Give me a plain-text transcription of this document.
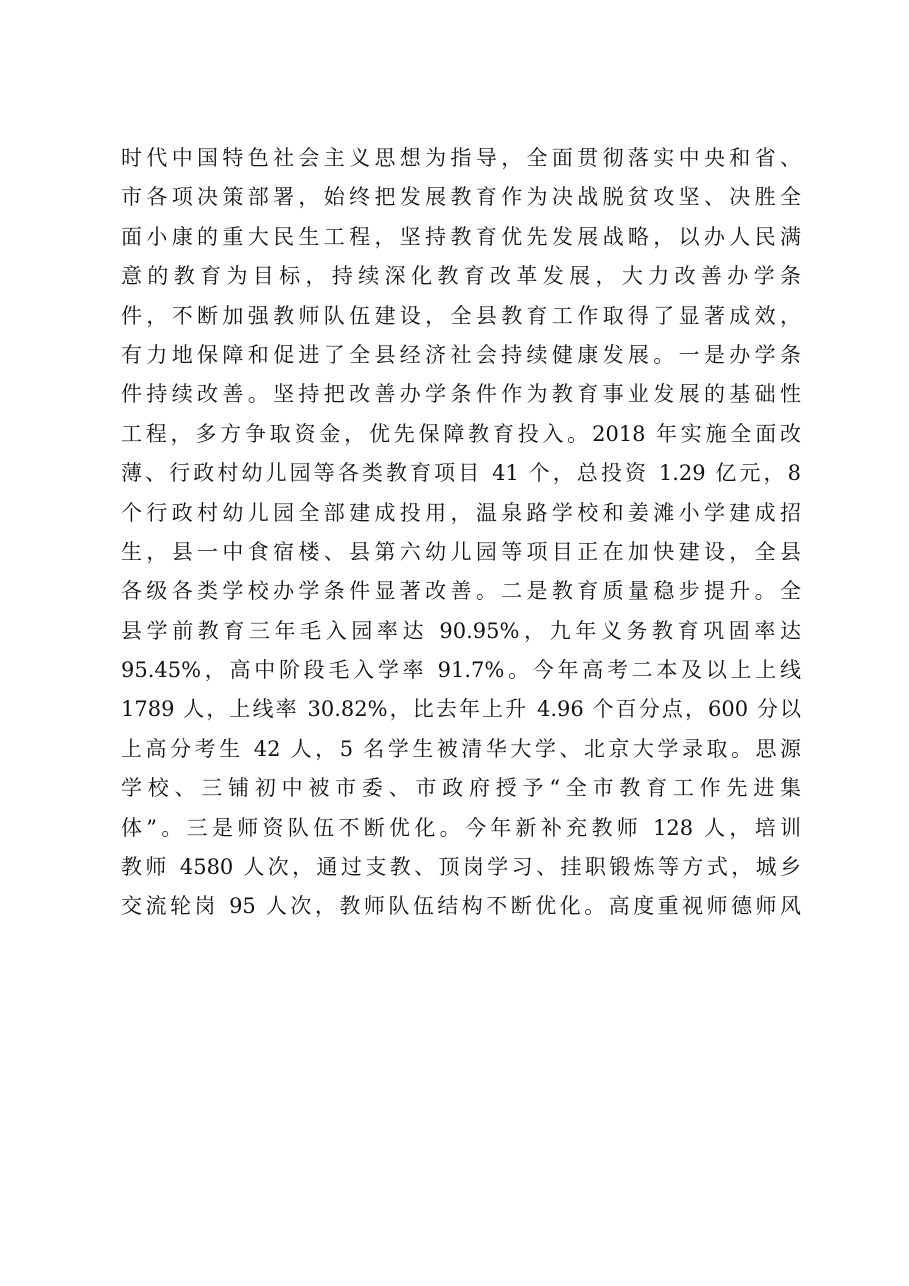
时代中国特色社会主义思想为指导，全面贯彻落实中央和省、
市各项决策部署，始终把发展教育作为决战脱贫攻坚、决胜全
面小康的重大民生工程，坚持教育优先发展战略，以办人民满
意的教育为目标，持续深化教育改革发展，大力改善办学条
件，不断加强教师队伍建设，全县教育工作取得了显著成效，
有力地保障和促进了全县经济社会持续健康发展。一是办学条
件持续改善。坚持把改善办学条件作为教育事业发展的基础性
工程，多方争取资金，优先保障教育投入。2018 年实施全面改
薄、行政村幼儿园等各类教育项目 41 个，总投资 1.29 亿元，8
个行政村幼儿园全部建成投用，温泉路学校和姜滩小学建成招
生，县一中食宿楼、县第六幼儿园等项目正在加快建设，全县
各级各类学校办学条件显著改善。二是教育质量稳步提升。全
县学前教育三年毛入园率达 90.95%，九年义务教育巩固率达
95.45%，高中阶段毛入学率 91.7%。今年高考二本及以上上线
1789 人，上线率 30.82%，比去年上升 4.96 个百分点，600 分以
上高分考生 42 人，5 名学生被清华大学、北京大学录取。思源
学校、三铺初中被市委、市政府授予“全市教育工作先进集
体”。三是师资队伍不断优化。今年新补充教师 128 人，培训
教师 4580 人次，通过支教、顶岗学习、挂职锻炼等方式，城乡
交流轮岗 95 人次，教师队伍结构不断优化。高度重视师德师风
